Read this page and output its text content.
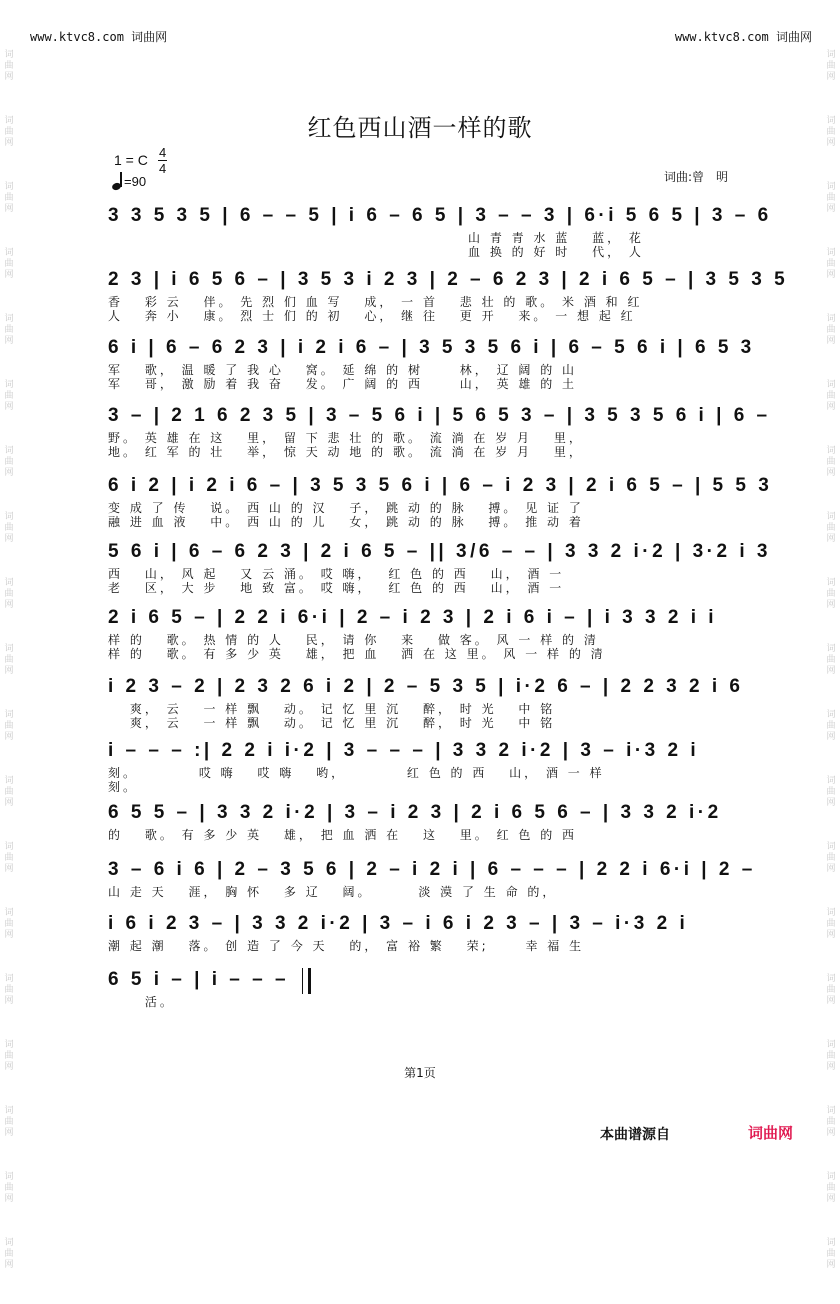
www.ktvc8.com 词曲网	www.ktvc8.com 词曲网
词
曲
网
词
曲
网
词
曲
网
词
曲
网
词
曲
网
词
曲
网
词
曲
网
词
曲
网
词
曲
网
词
曲
网
词
曲
网
词
曲
网
词
曲
网
词
曲
网
词
曲
网
词
曲
网
词
曲
网
词
曲
网
词
曲
网
词
曲
网
词
曲
网
词
曲
网
词
曲
网
词
曲
网
词
曲
网
词
曲
网
词
曲
网
词
曲
网
词
曲
网
词
曲
网
词
曲
网
词
曲
网
词
曲
网
词
曲
网
词
曲
网
词
曲
网
词
曲
网
词
曲
网
红色西山酒一样的歌
1 = C 4
4
=90	词曲:曾　明
3 3 5 3 5 | 6 – – 5 | i 6 – 6 5 | 3 – – 3 | 6·i 5 6 5 | 3 – 6
　　　　　　　　　　　　　　　　　　　　　　　　山 青 青 水 蓝　 蓝， 花
　　　　　　　　　　　　　　　　　　　　　　　　血 换 的 好 时　 代， 人
2 3 | i 6 5 6 – | 3 5 3 i 2 3 | 2 – 6 2 3 | 2 i 6 5 – | 3 5 3 5
香　 彩 云　 伴。 先 烈 们 血 写　 成， 一 首　 悲 壮 的 歌。 米 酒 和 红
人　 奔 小　 康。 烈 士 们 的 初　 心， 继 往　 更 开　 来。 一 想 起 红
6 i | 6 – 6 2 3 | i 2 i 6 – | 3 5 3 5 6 i | 6 – 5 6 i | 6 5 3
军　 歌， 温 暖 了 我 心　 窝。 延 绵 的 树　　 林， 辽 阔 的 山
军　 哥， 激 励 着 我 奋　 发。 广 阔 的 西　　 山， 英 雄 的 土
3 – | 2 1 6 2 3 5 | 3 – 5 6 i | 5 6 5 3 – | 3 5 3 5 6 i | 6 –
野。 英 雄 在 这　 里， 留 下 悲 壮 的 歌。 流 淌 在 岁 月　 里，
地。 红 军 的 壮　 举， 惊 天 动 地 的 歌。 流 淌 在 岁 月　 里，
6 i 2 | i 2 i 6 – | 3 5 3 5 6 i | 6 – i 2 3 | 2 i 6 5 – | 5 5 3
变 成 了 传　 说。 西 山 的 汉　 子， 跳 动 的 脉　 搏。 见 证 了
融 进 血 液　 中。 西 山 的 儿　 女， 跳 动 的 脉　 搏。 推 动 着
5 6 i | 6 – 6 2 3 | 2 i 6 5 – || 3/6 – – | 3 3 2 i·2 | 3·2 i 3
西　 山， 风 起　 又 云 涌。 哎 嗨，　 红 色 的 西　 山， 酒 一
老　 区， 大 步　 地 致 富。 哎 嗨，　 红 色 的 西　 山， 酒 一
2 i 6 5 – | 2 2 i 6·i | 2 – i 2 3 | 2 i 6 i – | i 3 3 2 i i
样 的　 歌。 热 情 的 人　 民， 请 你　 来　 做 客。 风 一 样 的 清
样 的　 歌。 有 多 少 英　 雄， 把 血　 洒 在 这 里。 风 一 样 的 清
i 2 3 – 2 | 2 3 2 6 i 2 | 2 – 5 3 5 | i·2 6 – | 2 2 3 2 i 6
　 爽， 云　 一 样 飘　 动。 记 忆 里 沉　 醉， 时 光　 中 铭
　 爽， 云　 一 样 飘　 动。 记 忆 里 沉　 醉， 时 光　 中 铭
i – – – :| 2 2 i i·2 | 3 – – – | 3 3 2 i·2 | 3 – i·3 2 i
刻。　　　　 哎 嗨　 哎 嗨　 哟，　　　　 红 色 的 西　 山， 酒 一 样
刻。
6 5 5 – | 3 3 2 i·2 | 3 – i 2 3 | 2 i 6 5 6 – | 3 3 2 i·2
的　 歌。 有 多 少 英　 雄， 把 血 洒 在　 这　 里。 红 色 的 西
3 – 6 i 6 | 2 – 3 5 6 | 2 – i 2 i | 6 – – – | 2 2 i 6·i | 2 –
山 走 天　 涯， 胸 怀　 多 辽　 阔。　　　 淡 漠 了 生 命 的，
i 6 i 2 3 – | 3 3 2 i·2 | 3 – i 6 i 2 3 – | 3 – i·3 2 i
潮 起 潮　 落。 创 造 了 今 天　 的， 富 裕 繁　 荣;　　 幸 福 生
6 5 i – | i – – –
　　 活。
第1页
本曲谱源自	词曲网
